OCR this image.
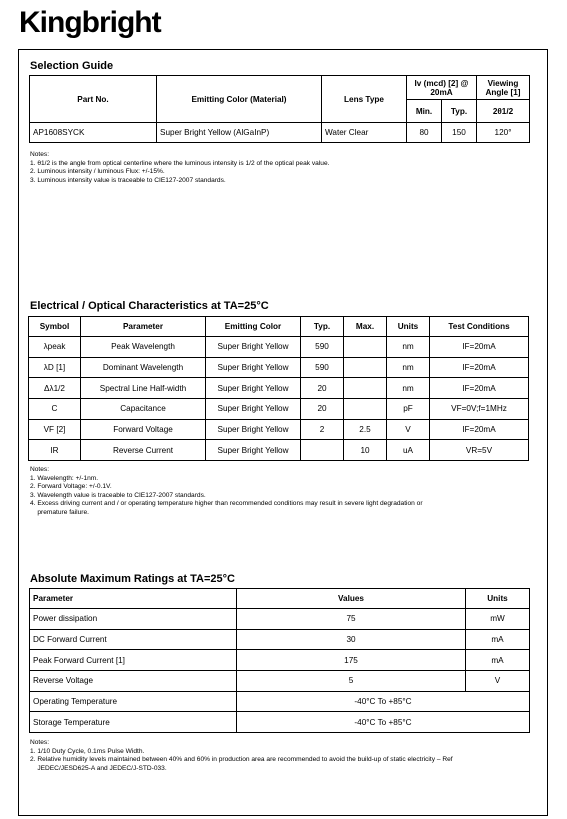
Kingbright
Selection Guide
Part No.	Emitting Color (Material)	Lens Type	Iv (mcd) [2] @ 20mA		Viewing Angle [1]
			Min.	Typ.	2θ1/2
AP1608SYCK	Super Bright Yellow (AlGaInP)	Water Clear	80	150	120°
Notes:
1. θ1/2 is the angle from optical centerline where the luminous intensity is 1/2 of the optical peak value.
2. Luminous intensity / luminous Flux: +/-15%.
3. Luminous intensity value is traceable to CIE127-2007 standards.
Electrical / Optical Characteristics at TA=25°C
Symbol	Parameter	Emitting Color	Typ.	Max.	Units	Test Conditions
λpeak	Peak Wavelength	Super Bright Yellow	590		nm	IF=20mA
λD [1]	Dominant Wavelength	Super Bright Yellow	590		nm	IF=20mA
Δλ1/2	Spectral Line Half-width	Super Bright Yellow	20		nm	IF=20mA
C	Capacitance	Super Bright Yellow	20		pF	VF=0V;f=1MHz
VF [2]	Forward Voltage	Super Bright Yellow	2	2.5	V	IF=20mA
IR	Reverse Current	Super Bright Yellow		10	uA	VR=5V
Notes:
1. Wavelength: +/-1nm.
2. Forward Voltage: +/-0.1V.
3. Wavelength value is traceable to CIE127-2007 standards.
4. Excess driving current and / or operating temperature higher than recommended conditions may result in severe light degradation or
premature failure.
Absolute Maximum Ratings at TA=25°C
Parameter	Values	Units
Power dissipation	75	mW
DC Forward Current	30	mA
Peak Forward Current [1]	175	mA
Reverse Voltage	5	V
Operating Temperature	-40°C To +85°C	
Storage Temperature	-40°C To +85°C	
Notes:
1. 1/10 Duty Cycle, 0.1ms Pulse Width.
2. Relative humidity levels maintained between 40% and 60% in production area are recommended to avoid the build-up of static electricity – Ref
JEDEC/JESD625-A and JEDEC/J-STD-033.
